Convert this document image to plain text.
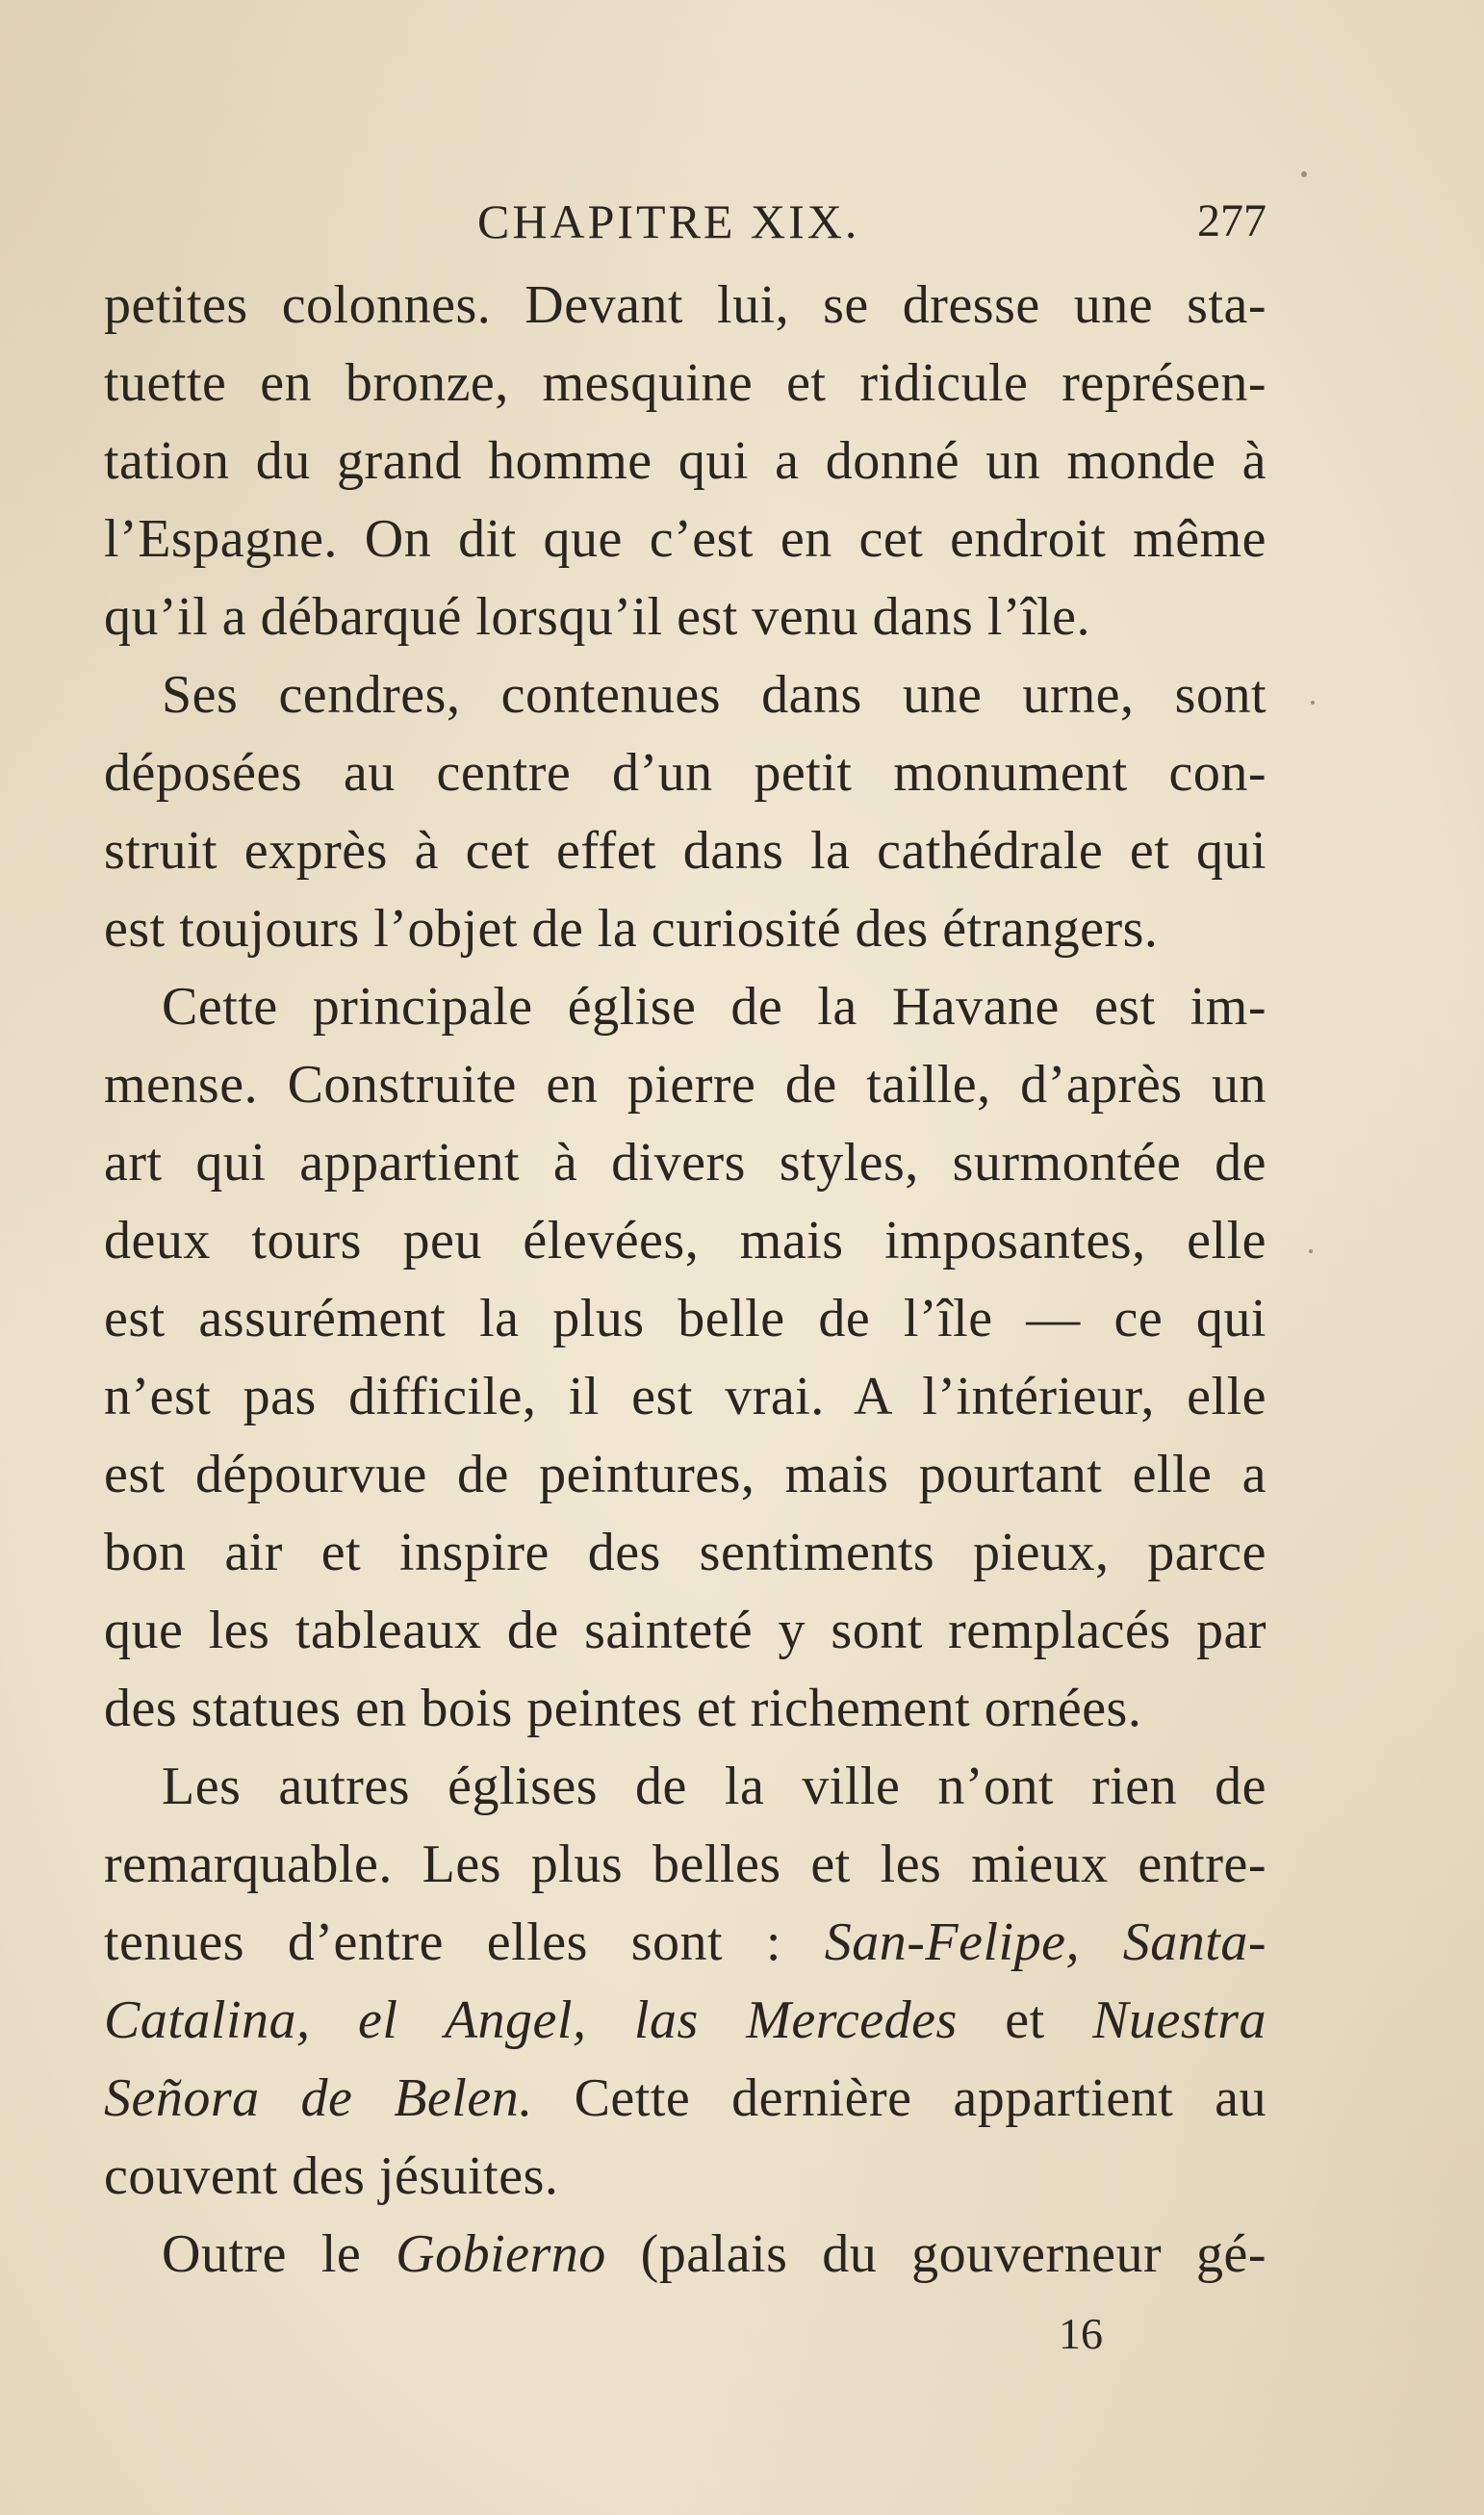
CHAPITRE XIX.	277
petites colonnes. Devant lui, se dresse une sta-
tuette en bronze, mesquine et ridicule représen-
tation du grand homme qui a donné un monde à
l’Espagne. On dit que c’est en cet endroit même
qu’il a débarqué lorsqu’il est venu dans l’île.
Ses cendres, contenues dans une urne, sont
déposées au centre d’un petit monument con-
struit exprès à cet effet dans la cathédrale et qui
est toujours l’objet de la curiosité des étrangers.
Cette principale église de la Havane est im-
mense. Construite en pierre de taille, d’après un
art qui appartient à divers styles, surmontée de
deux tours peu élevées, mais imposantes, elle
est assurément la plus belle de l’île — ce qui
n’est pas difficile, il est vrai. A l’intérieur, elle
est dépourvue de peintures, mais pourtant elle a
bon air et inspire des sentiments pieux, parce
que les tableaux de sainteté y sont remplacés par
des statues en bois peintes et richement ornées.
Les autres églises de la ville n’ont rien de
remarquable. Les plus belles et les mieux entre-
tenues d’entre elles sont : San-Felipe, Santa-
Catalina, el Angel, las Mercedes et Nuestra
Señora de Belen. Cette dernière appartient au
couvent des jésuites.
Outre le Gobierno (palais du gouverneur gé-
16
